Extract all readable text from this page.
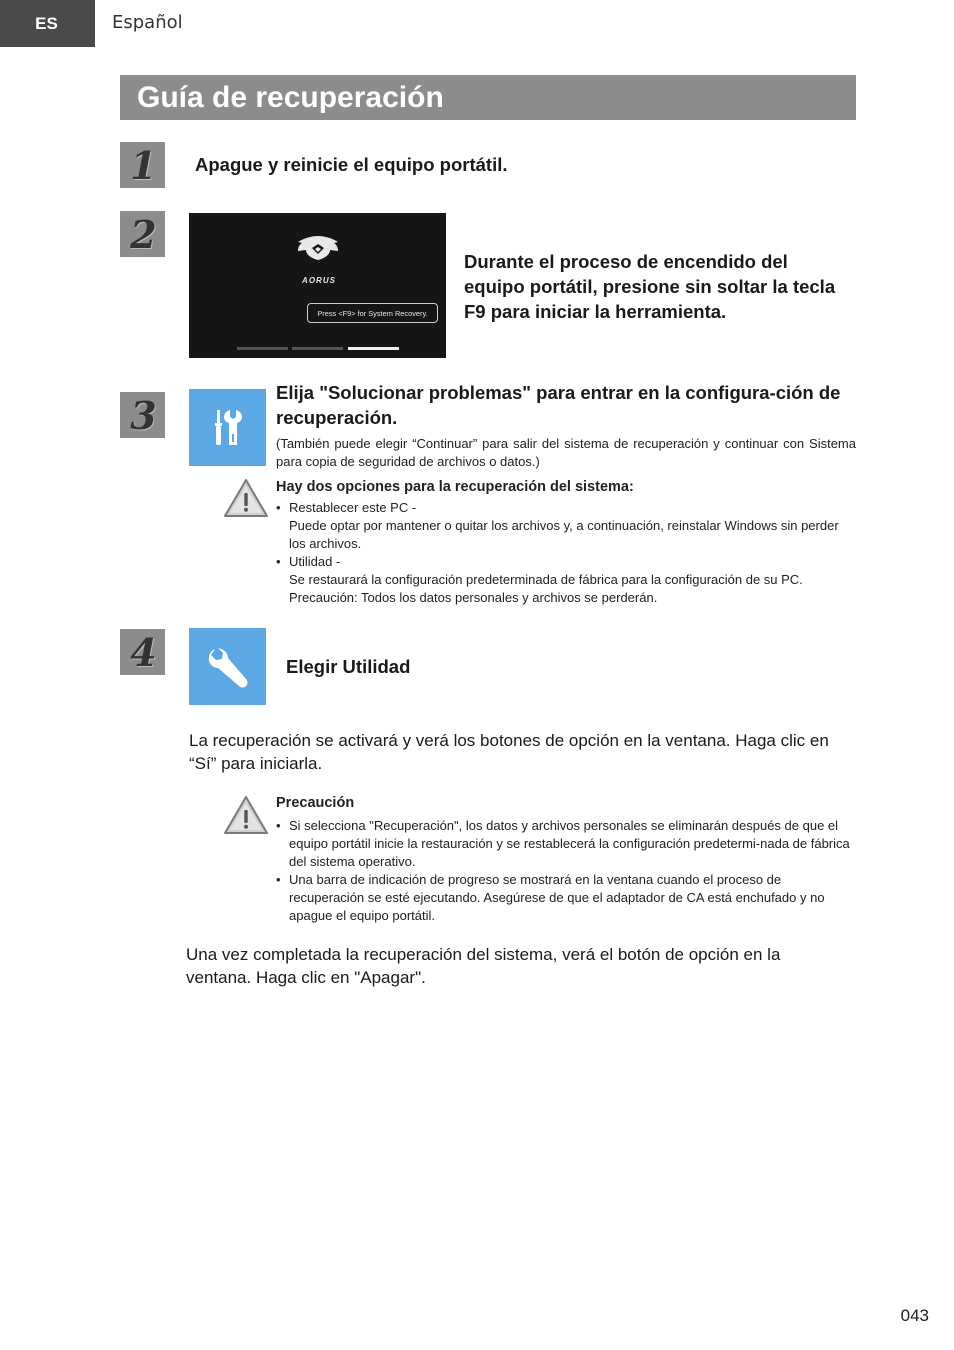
ES	Español
Guía de recuperación
1 Apague y reinicie el equipo portátil.
2
AORUS
Press <F9> for System Recovery.
Durante el proceso de encendido del equipo portátil, presione sin soltar la tecla F9 para iniciar la herramienta.
3	Elija "Solucionar problemas" para entrar en la configura-ción de recuperación.
(También puede elegir “Continuar” para salir del sistema de recuperación y continuar con Sistema para copia de seguridad de archivos o datos.)
Hay dos opciones para la recuperación del sistema:
• Restablecer este PC -
Puede optar por mantener o quitar los archivos y, a continuación, reinstalar Windows sin perder los archivos.
• Utilidad -
Se restaurará la configuración predeterminada de fábrica para la configuración de su PC. Precaución: Todos los datos personales y archivos se perderán.
4	Elegir Utilidad
La recuperación se activará y verá los botones de opción en la ventana. Haga clic en “Sí” para iniciarla.
Precaución
• Si selecciona "Recuperación", los datos y archivos personales se eliminarán después de que el equipo portátil inicie la restauración y se restablecerá la configuración predetermi-nada de fábrica del sistema operativo.
• Una barra de indicación de progreso se mostrará en la ventana cuando el proceso de recuperación se esté ejecutando. Asegúrese de que el adaptador de CA está enchufado y no apague el equipo portátil.
Una vez completada la recuperación del sistema, verá el botón de opción en la ventana. Haga clic en "Apagar".
043
